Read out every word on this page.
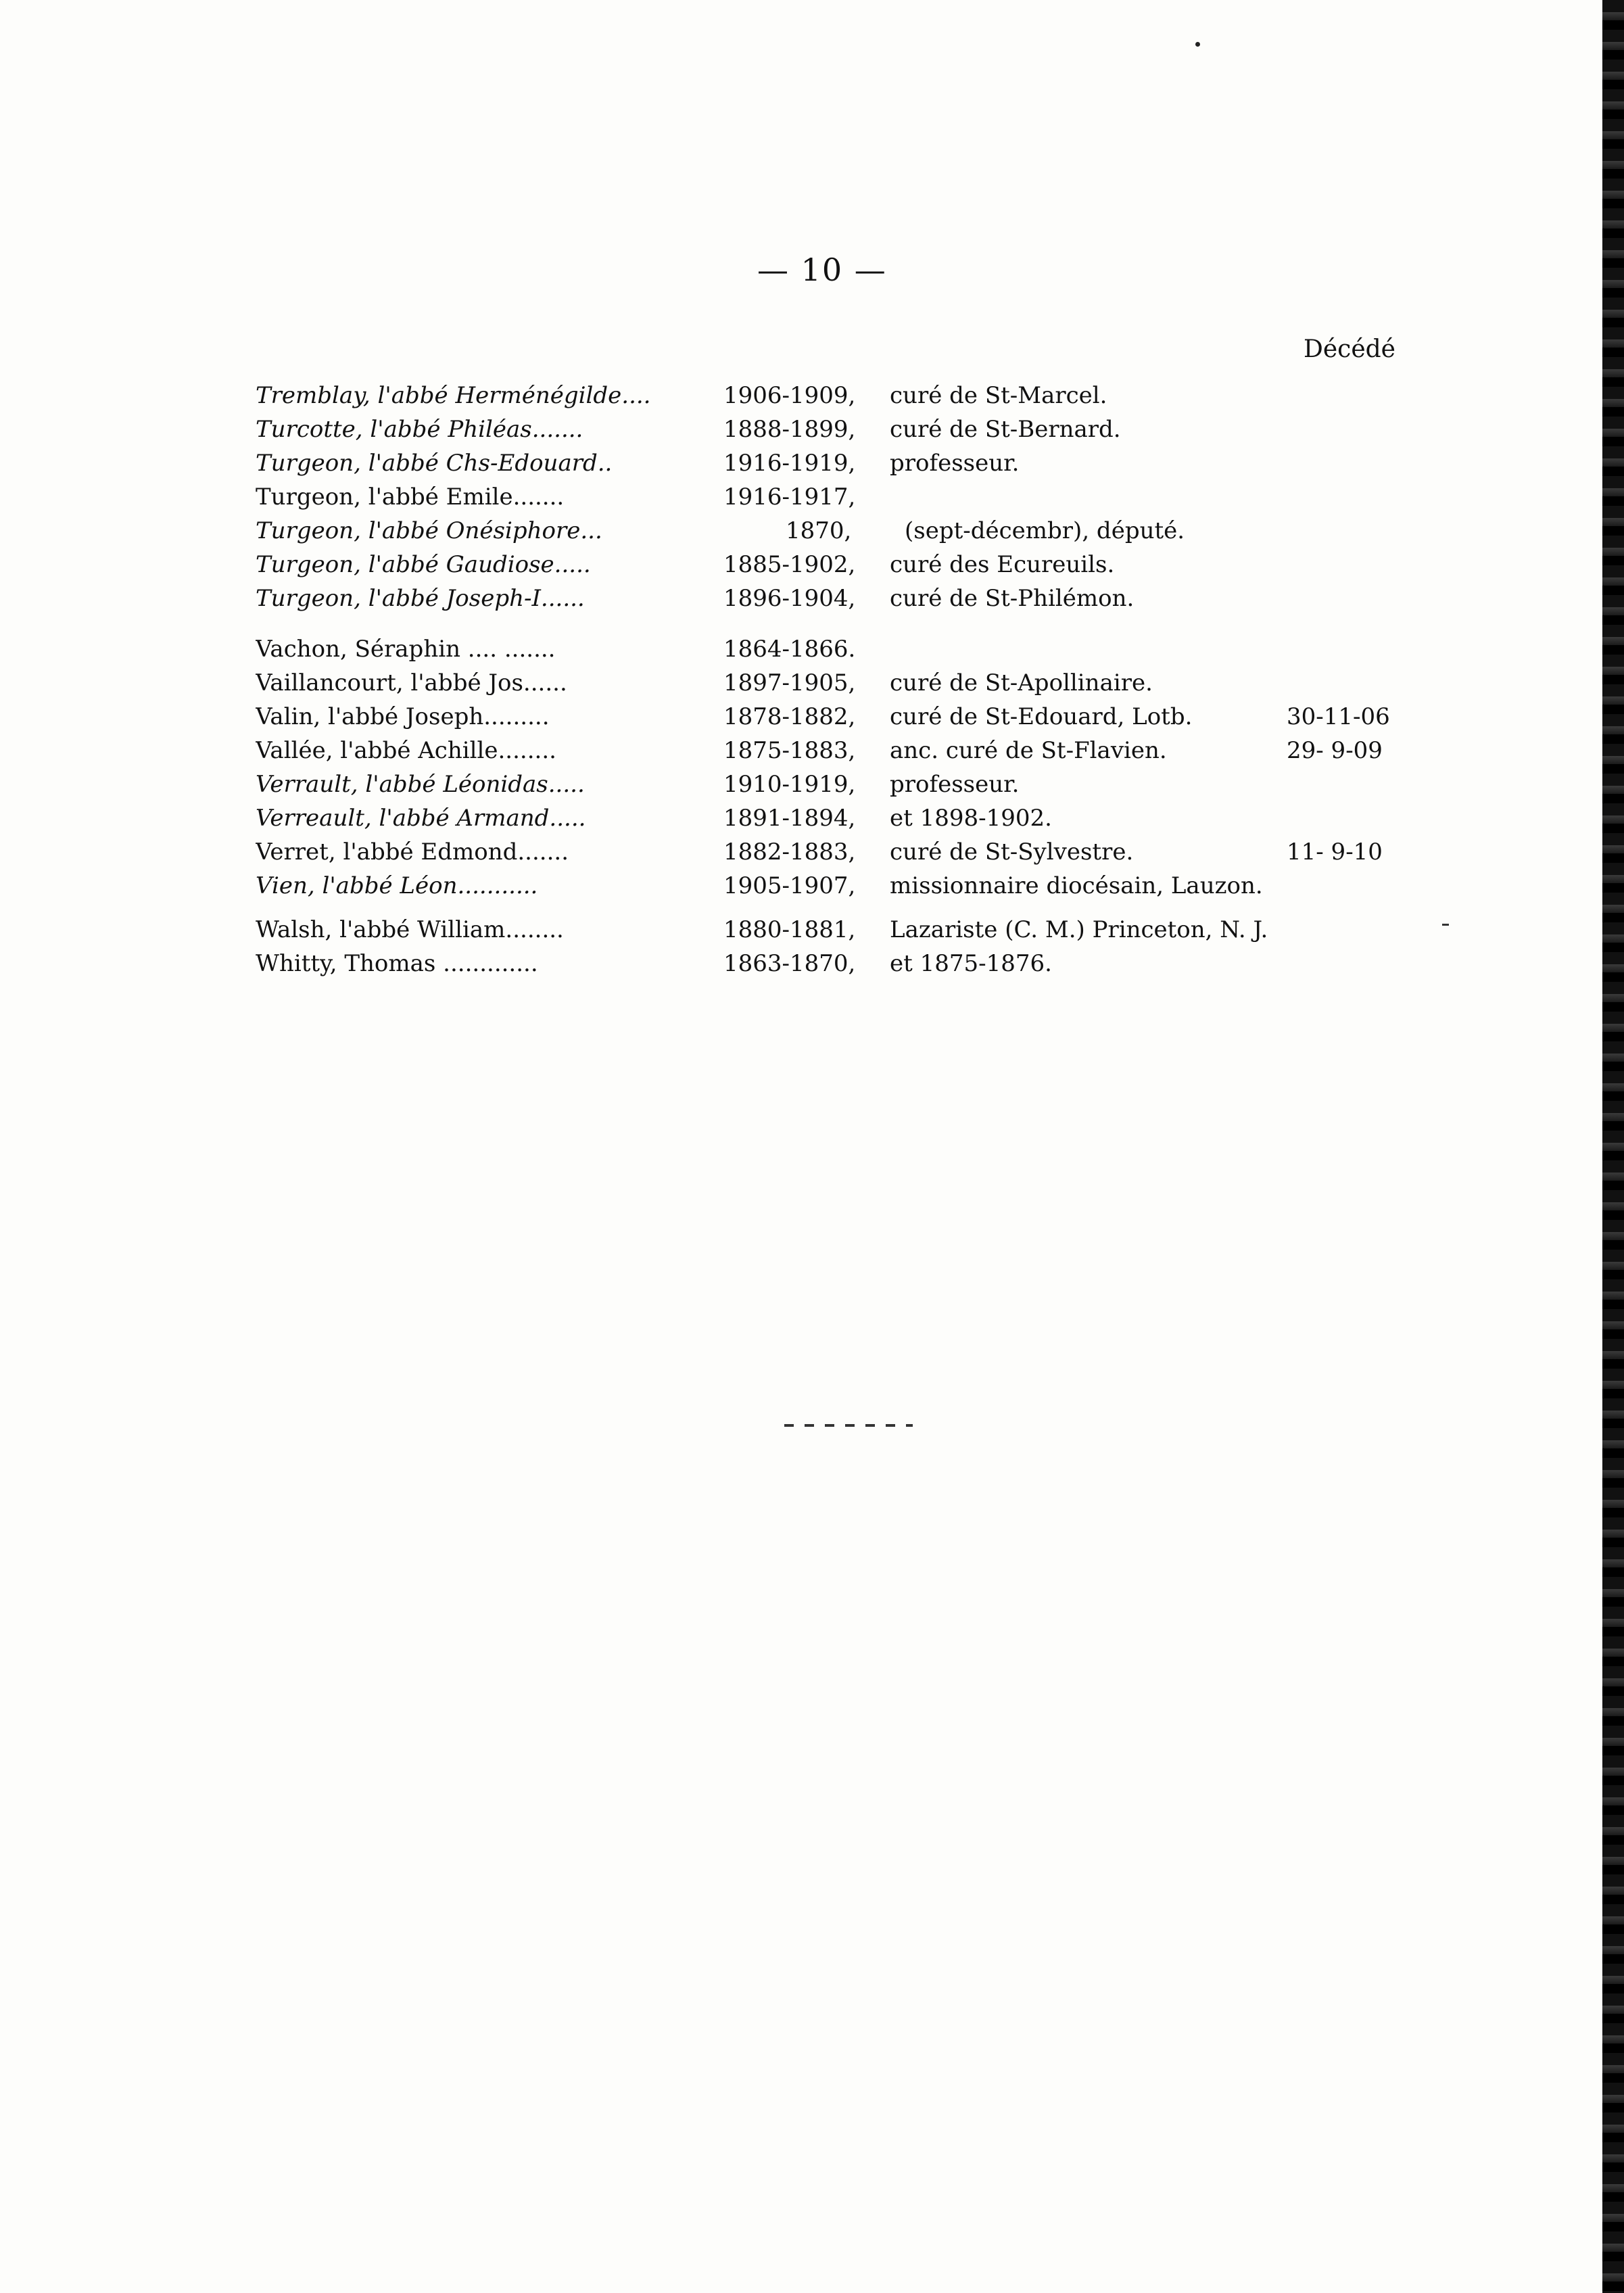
— 10 —
Décédé
Tremblay, l'abbé Herménégilde....	1906-1909, curé de St-Marcel.
Turcotte, l'abbé Philéas.......	1888-1899, curé de St-Bernard.
Turgeon, l'abbé Chs-Edouard..	1916-1919, professeur.
Turgeon, l'abbé Emile.......	1916-1917,
Turgeon, l'abbé Onésiphore...	1870, (sept-décembr), député.
Turgeon, l'abbé Gaudiose.....	1885-1902, curé des Ecureuils.
Turgeon, l'abbé Joseph-I......	1896-1904, curé de St-Philémon.
Vachon, Séraphin .... .......	1864-1866.
Vaillancourt, l'abbé Jos......	1897-1905, curé de St-Apollinaire.
Valin, l'abbé Joseph.........	1878-1882, curé de St-Edouard, Lotb.	30-11-06
Vallée, l'abbé Achille........	1875-1883, anc. curé de St-Flavien.	29- 9-09
Verrault, l'abbé Léonidas.....	1910-1919, professeur.
Verreault, l'abbé Armand.....	1891-1894, et 1898-1902.
Verret, l'abbé Edmond.......	1882-1883, curé de St-Sylvestre.	11- 9-10
Vien, l'abbé Léon...........	1905-1907, missionnaire diocésain, Lauzon.
Walsh, l'abbé William........	1880-1881, Lazariste (C. M.) Princeton, N. J.
Whitty, Thomas .............	1863-1870, et 1875-1876.
